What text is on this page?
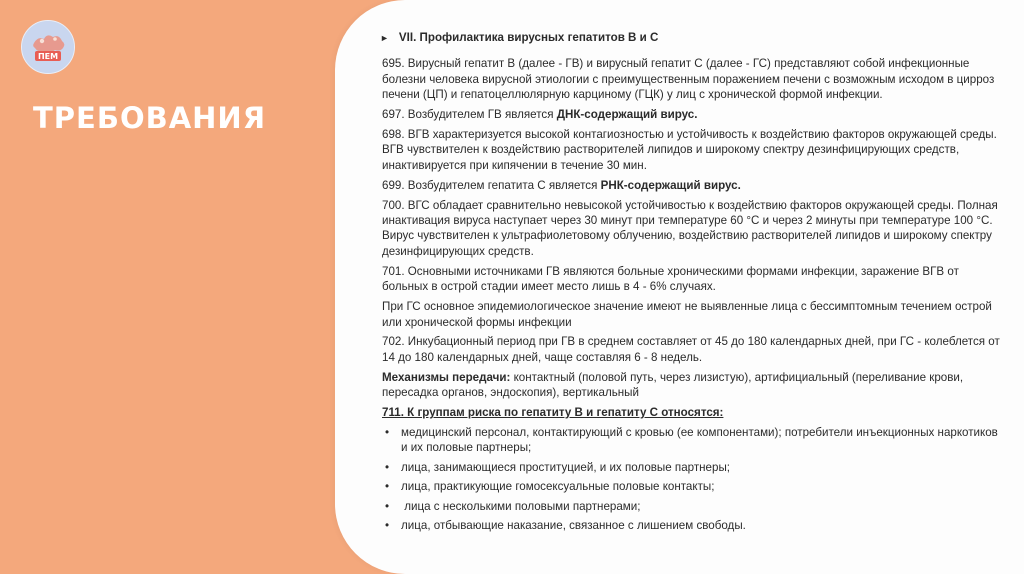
ПЕМ
ТРЕБОВАНИЯ
► VII. Профилактика вирусных гепатитов B и C

695. Вирусный гепатит B (далее - ГВ) и вирусный гепатит C (далее - ГС) представляют собой инфекционные болезни человека вирусной этиологии с преимущественным поражением печени с возможным исходом в цирроз печени (ЦП) и гепатоцеллюлярную карциному (ГЦК) у лиц с хронической формой инфекции.

697. Возбудителем ГВ является ДНК-содержащий вирус.

698. ВГВ характеризуется высокой контагиозностью и устойчивость к воздействию факторов окружающей среды. ВГВ чувствителен к воздействию растворителей липидов и широкому спектру дезинфицирующих средств, инактивируется при кипячении в течение 30 мин.

699. Возбудителем гепатита С является РНК-содержащий вирус.

700. ВГС обладает сравнительно невысокой устойчивостью к воздействию факторов окружающей среды. Полная инактивация вируса наступает через 30 минут при температуре 60 °С и через 2 минуты при температуре 100 °С. Вирус чувствителен к ультрафиолетовому облучению, воздействию растворителей липидов и широкому спектру дезинфицирующих средств.

701. Основными источниками ГВ являются больные хроническими формами инфекции, заражение ВГВ от больных в острой стадии имеет место лишь в 4 - 6% случаях.

При ГС основное эпидемиологическое значение имеют не выявленные лица с бессимптомным течением острой или хронической формы инфекции

702. Инкубационный период при ГВ в среднем составляет от 45 до 180 календарных дней, при ГС - колеблется от 14 до 180 календарных дней, чаще составляя 6 - 8 недель.

Механизмы передачи: контактный (половой путь, через лизистую), артифициальный (переливание крови, пересадка органов, эндоскопия), вертикальный

711. К группам риска по гепатиту B и гепатиту C относятся:

•	медицинский персонал, контактирующий с кровью (ее компонентами); потребители инъекционных наркотиков и их половые партнеры;
•	лица, занимающиеся проституцией, и их половые партнеры;
•	лица, практикующие гомосексуальные половые контакты;
•	лица с несколькими половыми партнерами;
•	лица, отбывающие наказание, связанное с лишением свободы.
